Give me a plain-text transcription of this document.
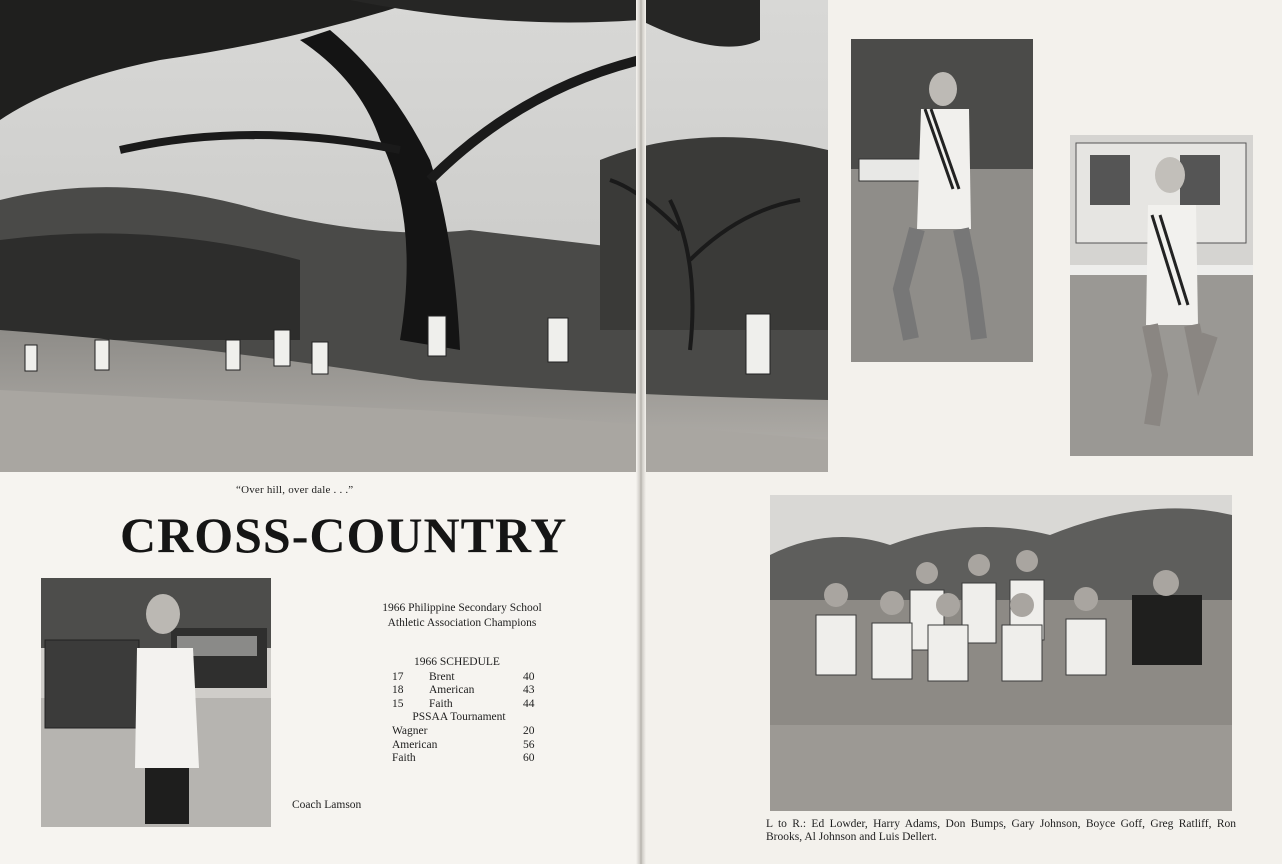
“Over hill, over dale . . .”
CROSS-COUNTRY
1966 Philippine Secondary School
Athletic Association Champions
1966 SCHEDULE
17 Brent	40
18 American	43
15 Faith	44
PSSAA Tournament
Wagner	20
American	56
Faith	60
Coach Lamson
L to R.: Ed Lowder, Harry Adams, Don Bumps, Gary Johnson, Boyce Goff, Greg Ratliff, Ron Brooks, Al Johnson and Luis Dellert.
